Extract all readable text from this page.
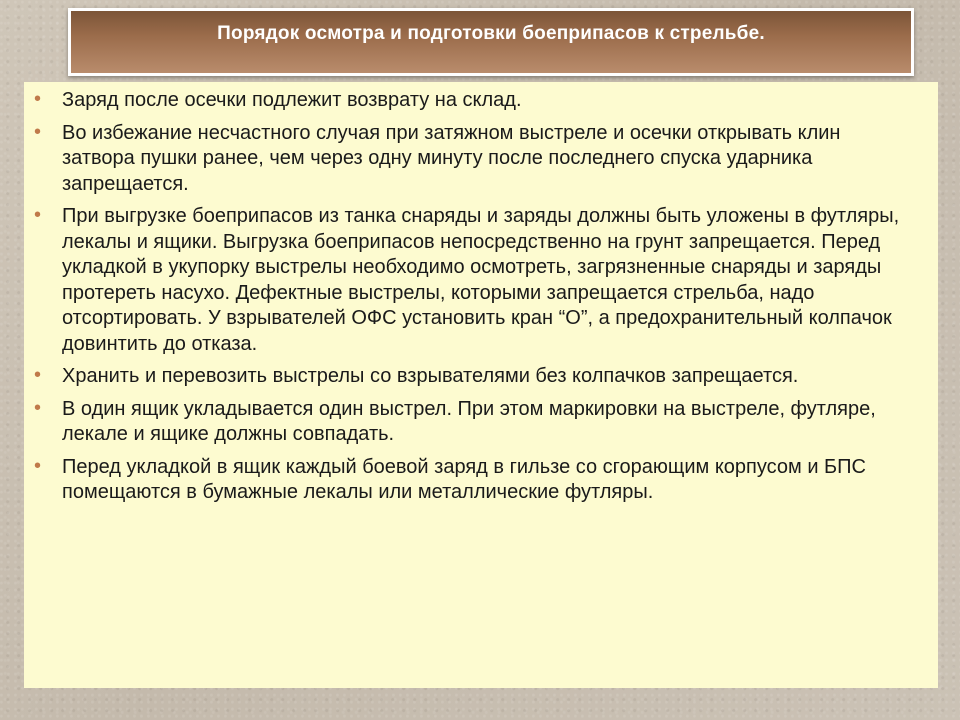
Порядок осмотра и подготовки боеприпасов к стрельбе.
• Заряд после осечки подлежит возврату на склад.
• Во избежание несчастного случая при затяжном выстреле и осечки открывать клин затвора пушки ранее, чем через одну минуту после последнего спуска ударника запрещается.
• При выгрузке боеприпасов из танка снаряды и заряды должны быть уложены в футляры, лекалы и ящики. Выгрузка боеприпасов непосредственно на грунт запрещается. Перед укладкой в укупорку выстрелы необходимо осмотреть, загрязненные снаряды и заряды протереть насухо. Дефектные выстрелы, которыми запрещается стрельба, надо отсортировать. У взрывателей ОФС установить кран “О”, а предохранительный колпачок довинтить до отказа.
• Хранить и перевозить выстрелы со взрывателями без колпачков запрещается.
• В один ящик укладывается один выстрел. При этом маркировки на выстреле, футляре, лекале и ящике должны совпадать.
• Перед укладкой в ящик каждый боевой заряд в гильзе со сгорающим корпусом и БПС помещаются в бумажные лекалы или металлические футляры.
